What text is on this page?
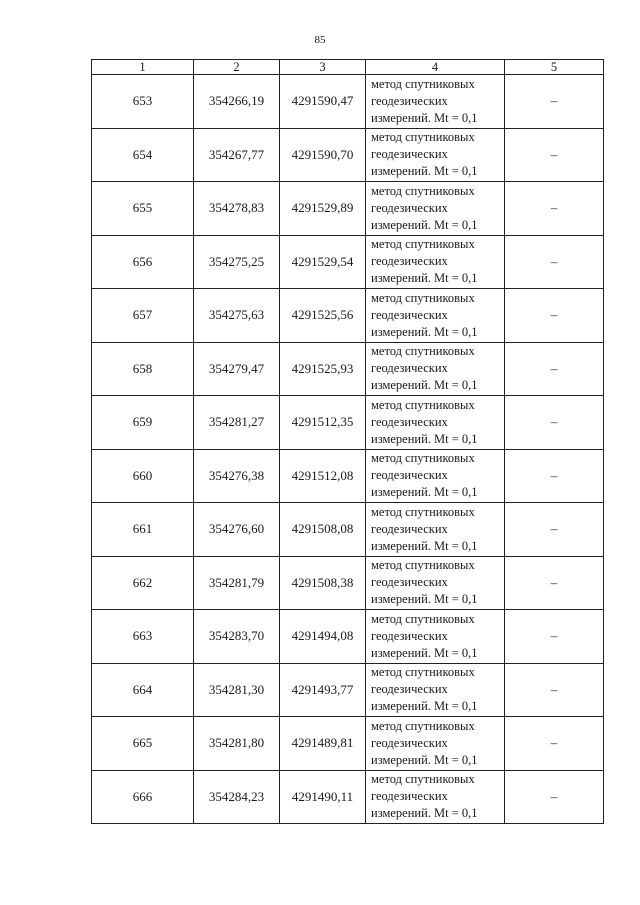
85
1	2	3	4	5
653	354266,19	4291590,47	метод спутниковых
геодезических
измерений. Mt = 0,1	–
654	354267,77	4291590,70	метод спутниковых
геодезических
измерений. Mt = 0,1	–
655	354278,83	4291529,89	метод спутниковых
геодезических
измерений. Mt = 0,1	–
656	354275,25	4291529,54	метод спутниковых
геодезических
измерений. Mt = 0,1	–
657	354275,63	4291525,56	метод спутниковых
геодезических
измерений. Mt = 0,1	–
658	354279,47	4291525,93	метод спутниковых
геодезических
измерений. Mt = 0,1	–
659	354281,27	4291512,35	метод спутниковых
геодезических
измерений. Mt = 0,1	–
660	354276,38	4291512,08	метод спутниковых
геодезических
измерений. Mt = 0,1	–
661	354276,60	4291508,08	метод спутниковых
геодезических
измерений. Mt = 0,1	–
662	354281,79	4291508,38	метод спутниковых
геодезических
измерений. Mt = 0,1	–
663	354283,70	4291494,08	метод спутниковых
геодезических
измерений. Mt = 0,1	–
664	354281,30	4291493,77	метод спутниковых
геодезических
измерений. Mt = 0,1	–
665	354281,80	4291489,81	метод спутниковых
геодезических
измерений. Mt = 0,1	–
666	354284,23	4291490,11	метод спутниковых
геодезических
измерений. Mt = 0,1	–
